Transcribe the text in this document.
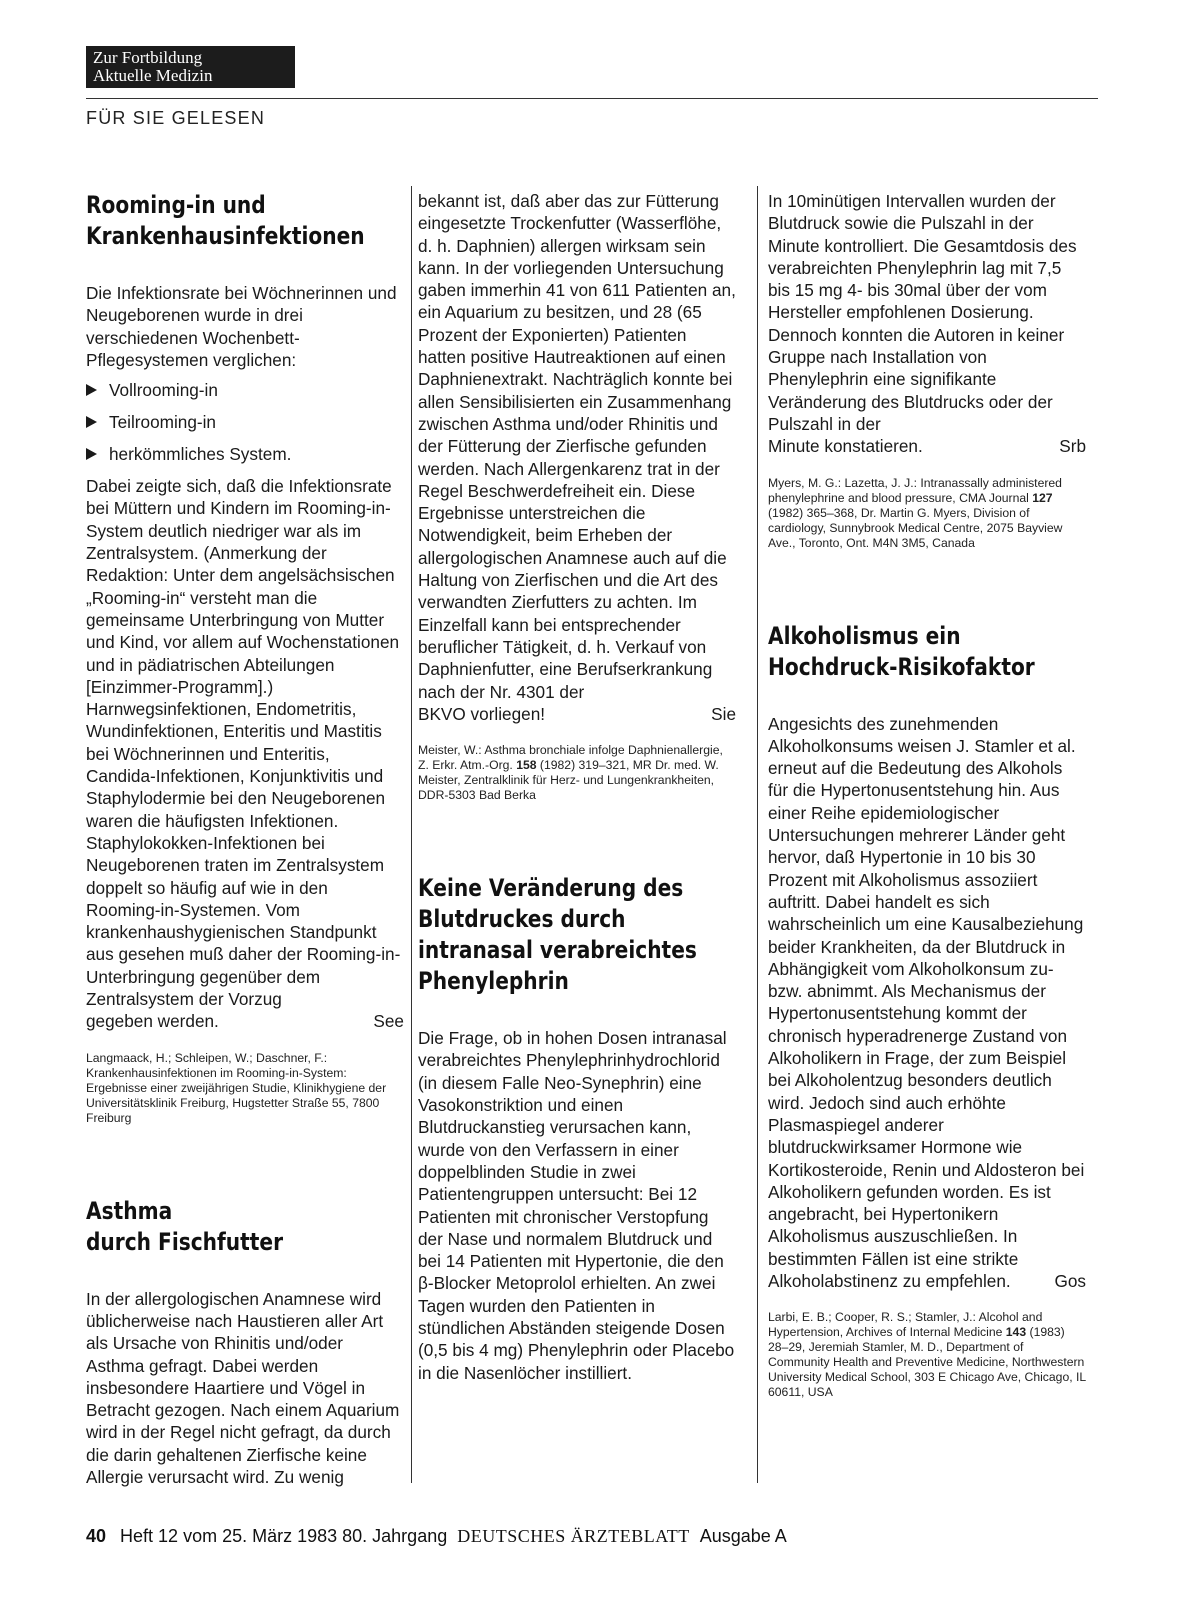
Zur Fortbildung
Aktuelle Medizin
FÜR SIE GELESEN
Rooming-in und
Krankenhausinfektionen

Die Infektionsrate bei Wöchnerinnen und Neugeborenen wurde in drei verschiedenen Wochenbett-Pflegesystemen verglichen:

Vollrooming-in
Teilrooming-in
herkömmliches System.

Dabei zeigte sich, daß die Infektionsrate bei Müttern und Kindern im Rooming-in-System deutlich niedriger war als im Zentralsystem. (Anmerkung der Redaktion: Unter dem angelsächsischen „Rooming-in“ versteht man die gemeinsame Unterbringung von Mutter und Kind, vor allem auf Wochenstationen und in pädiatrischen Abteilungen [Einzimmer-Programm].) Harnwegsinfektionen, Endometritis, Wundinfektionen, Enteritis und Mastitis bei Wöchnerinnen und Enteritis, Candida-Infektionen, Konjunktivitis und Staphylodermie bei den Neugeborenen waren die häufigsten Infektionen. Staphylokokken-Infektionen bei Neugeborenen traten im Zentralsystem doppelt so häufig auf wie in den Rooming-in-Systemen. Vom krankenhaushygienischen Standpunkt aus gesehen muß daher der Rooming-in-Unterbringung gegenüber dem Zentralsystem der Vorzug

gegeben werden.	See

Langmaack, H.; Schleipen, W.; Daschner, F.: Krankenhausinfektionen im Rooming-in-System: Ergebnisse einer zweijährigen Studie, Klinikhygiene der Universitätsklinik Freiburg, Hugstetter Straße 55, 7800 Freiburg

Asthma
durch Fischfutter

In der allergologischen Anamnese wird üblicherweise nach Haustieren aller Art als Ursache von Rhinitis und/oder Asthma gefragt. Dabei werden insbesondere Haartiere und Vögel in Betracht gezogen. Nach einem Aquarium wird in der Regel nicht gefragt, da durch die darin gehaltenen Zierfische keine Allergie verursacht wird. Zu wenig

bekannt ist, daß aber das zur Fütterung eingesetzte Trockenfutter (Wasserflöhe, d. h. Daphnien) allergen wirksam sein kann. In der vorliegenden Untersuchung gaben immerhin 41 von 611 Patienten an, ein Aquarium zu besitzen, und 28 (65 Prozent der Exponierten) Patienten hatten positive Hautreaktionen auf einen Daphnienextrakt. Nachträglich konnte bei allen Sensibilisierten ein Zusammenhang zwischen Asthma und/oder Rhinitis und der Fütterung der Zierfische gefunden werden. Nach Allergenkarenz trat in der Regel Beschwerdefreiheit ein. Diese Ergebnisse unterstreichen die Notwendigkeit, beim Erheben der allergologischen Anamnese auch auf die Haltung von Zierfischen und die Art des verwandten Zierfutters zu achten. Im Einzelfall kann bei entsprechender beruflicher Tätigkeit, d. h. Verkauf von Daphnienfutter, eine Berufserkrankung nach der Nr. 4301 der

BKVO vorliegen!	Sie

Meister, W.: Asthma bronchiale infolge Daphnienallergie, Z. Erkr. Atm.-Org. 158 (1982) 319–321, MR Dr. med. W. Meister, Zentralklinik für Herz- und Lungenkrankheiten, DDR-5303 Bad Berka

Keine Veränderung des
Blutdruckes durch
intranasal verabreichtes
Phenylephrin

Die Frage, ob in hohen Dosen intranasal verabreichtes Phenylephrinhydrochlorid (in diesem Falle Neo-Synephrin) eine Vasokonstriktion und einen Blutdruckanstieg verursachen kann, wurde von den Verfassern in einer doppelblinden Studie in zwei Patientengruppen untersucht: Bei 12 Patienten mit chronischer Verstopfung der Nase und normalem Blutdruck und bei 14 Patienten mit Hypertonie, die den β-Blocker Metoprolol erhielten. An zwei Tagen wurden den Patienten in stündlichen Abständen steigende Dosen (0,5 bis 4 mg) Phenylephrin oder Placebo in die Nasenlöcher instilliert.

In 10minütigen Intervallen wurden der Blutdruck sowie die Pulszahl in der Minute kontrolliert. Die Gesamtdosis des verabreichten Phenylephrin lag mit 7,5 bis 15 mg 4- bis 30mal über der vom Hersteller empfohlenen Dosierung. Dennoch konnten die Autoren in keiner Gruppe nach Installation von Phenylephrin eine signifikante Veränderung des Blutdrucks oder der Pulszahl in der

Minute konstatieren.	Srb

Myers, M. G.: Lazetta, J. J.: Intranassally administered phenylephrine and blood pressure, CMA Journal 127 (1982) 365–368, Dr. Martin G. Myers, Division of cardiology, Sunnybrook Medical Centre, 2075 Bayview Ave., Toronto, Ont. M4N 3M5, Canada

Alkoholismus ein
Hochdruck-Risikofaktor

Angesichts des zunehmenden Alkoholkonsums weisen J. Stamler et al. erneut auf die Bedeutung des Alkohols für die Hypertonusentstehung hin. Aus einer Reihe epidemiologischer Untersuchungen mehrerer Länder geht hervor, daß Hypertonie in 10 bis 30 Prozent mit Alkoholismus assoziiert auftritt. Dabei handelt es sich wahrscheinlich um eine Kausalbeziehung beider Krankheiten, da der Blutdruck in Abhängigkeit vom Alkoholkonsum zu- bzw. abnimmt. Als Mechanismus der Hypertonusentstehung kommt der chronisch hyperadrenerge Zustand von Alkoholikern in Frage, der zum Beispiel bei Alkoholentzug besonders deutlich wird. Jedoch sind auch erhöhte Plasmaspiegel anderer blutdruckwirksamer Hormone wie Kortikosteroide, Renin und Aldosteron bei Alkoholikern gefunden worden. Es ist angebracht, bei Hypertonikern Alkoholismus auszuschließen. In bestimmten Fällen ist eine strikte

Alkoholabstinenz zu empfehlen.	Gos

Larbi, E. B.; Cooper, R. S.; Stamler, J.: Alcohol and Hypertension, Archives of Internal Medicine 143 (1983) 28–29, Jeremiah Stamler, M. D., Department of Community Health and Preventive Medicine, Northwestern University Medical School, 303 E Chicago Ave, Chicago, IL 60611, USA

40 Heft 12 vom 25. März 1983 80. Jahrgang DEUTSCHES ÄRZTEBLATT Ausgabe A
